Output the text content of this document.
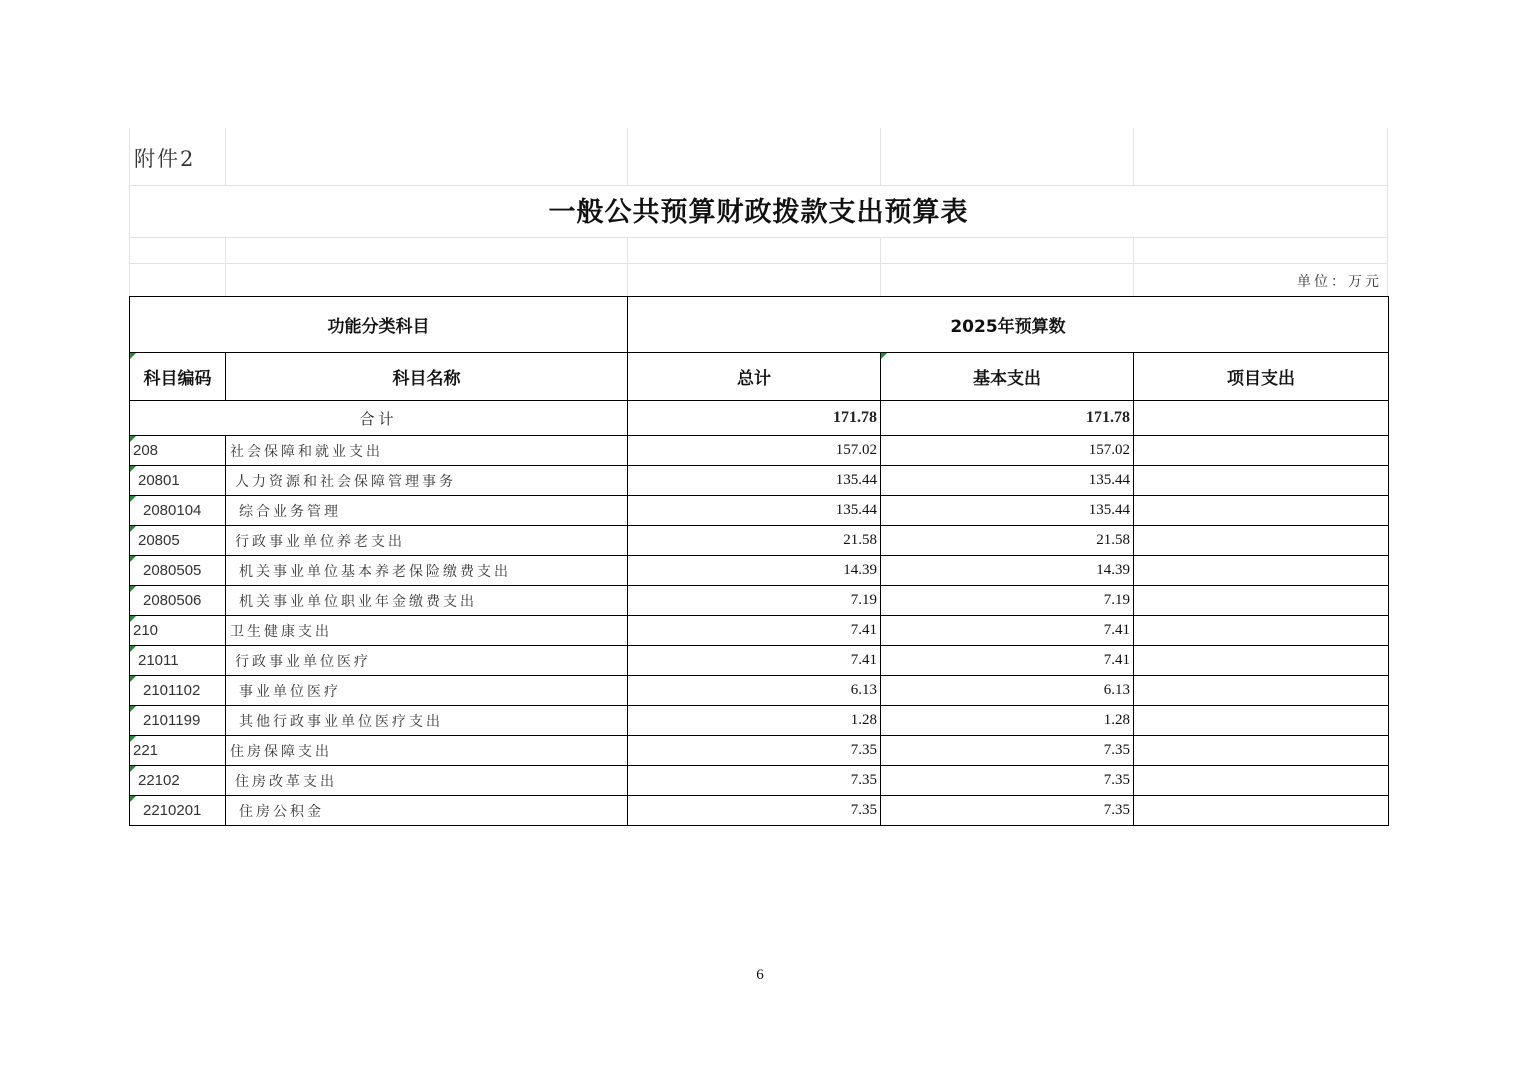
附件2
一般公共预算财政拨款支出预算表
单位：万元
功能分类科目		2025年预算数		
科目编码	科目名称	总计	基本支出	项目支出
合计		171.78	171.78	
208	社会保障和就业支出	157.02	157.02	
20801	人力资源和社会保障管理事务	135.44	135.44	
2080104	综合业务管理	135.44	135.44	
20805	行政事业单位养老支出	21.58	21.58	
2080505	机关事业单位基本养老保险缴费支出	14.39	14.39	
2080506	机关事业单位职业年金缴费支出	7.19	7.19	
210	卫生健康支出	7.41	7.41	
21011	行政事业单位医疗	7.41	7.41	
2101102	事业单位医疗	6.13	6.13	
2101199	其他行政事业单位医疗支出	1.28	1.28	
221	住房保障支出	7.35	7.35	
22102	住房改革支出	7.35	7.35	
2210201	住房公积金	7.35	7.35	
6
